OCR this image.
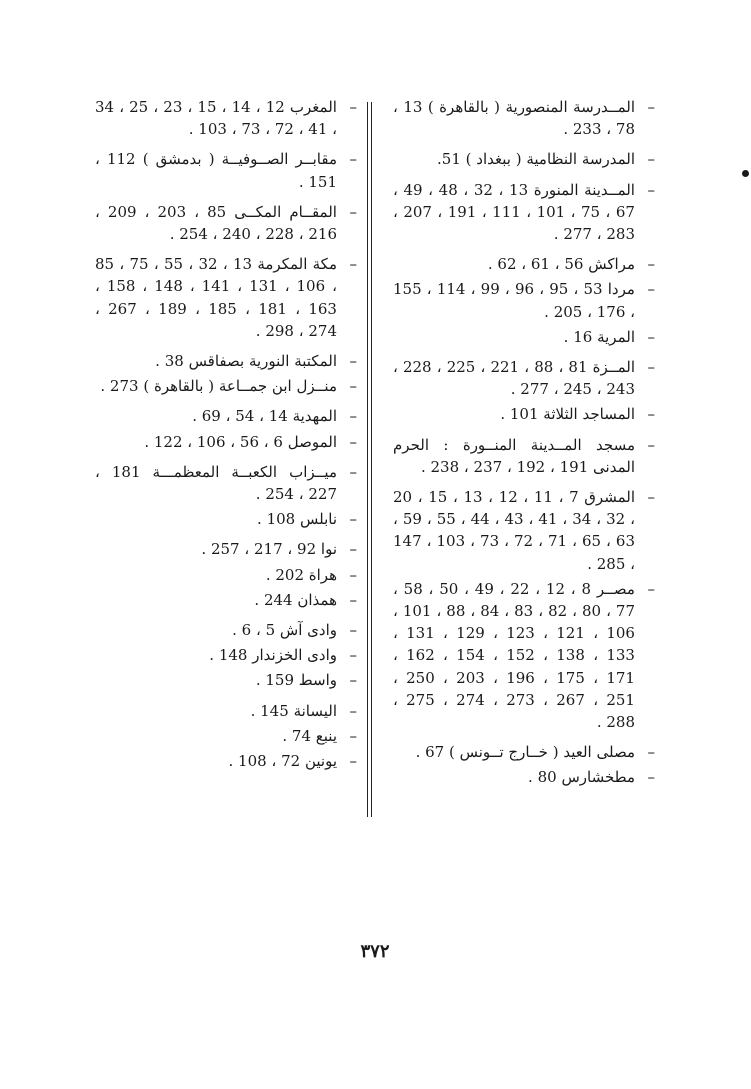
–
المــدرسة المنصورية ( بالقاهرة ) 13 ، 78 ، 233 .
–
المدرسة النظامية ( ببغداد ) 51.
–
المــدينة المنورة 13 ، 32 ، 48 ، 49 ، 67 ، 75 ، 101 ، 111 ، 191 ، 207 ، 283 ، 277 .
–
مراكش 56 ، 61 ، 62 .
–
مردا 53 ، 95 ، 96 ، 99 ، 114 ، 155 ، 176 ، 205 .
–
المرية 16 .
–
المــزة 81 ، 88 ، 221 ، 225 ، 228 ، 243 ، 245 ، 277 .
–
المساجد الثلاثة 101 .
–
مسجد المــدينة المنــورة : الحرم المدنى 191 ، 192 ، 237 ، 238 .
–
المشرق 7 ، 11 ، 12 ، 13 ، 15 ، 20 ، 32 ، 34 ، 41 ، 43 ، 44 ، 55 ، 59 ، 63 ، 65 ، 71 ، 72 ، 73 ، 103 ، 147 ، 285 .
–
مصــر 8 ، 12 ، 22 ، 49 ، 50 ، 58 ، 77 ، 80 ، 82 ، 83 ، 84 ، 88 ، 101 ، 106 ، 121 ، 123 ، 129 ، 131 ، 133 ، 138 ، 152 ، 154 ، 162 ، 171 ، 175 ، 196 ، 203 ، 250 ، 251 ، 267 ، 273 ، 274 ، 275 ، 288 .
–
مصلى العيد ( خــارج تــونس ) 67 .
–
مطخشارس 80 .
–
المغرب 12 ، 14 ، 15 ، 23 ، 25 ، 34 ، 41 ، 72 ، 73 ، 103 .
–
مقابــر الصــوفيــة ( بدمشق ) 112 ، 151 .
–
المقــام المكــى 85 ، 203 ، 209 ، 216 ، 228 ، 240 ، 254 .
–
مكة المكرمة 13 ، 32 ، 55 ، 75 ، 85 ، 106 ، 131 ، 141 ، 148 ، 158 ، 163 ، 181 ، 185 ، 189 ، 267 ، 274 ، 298 .
–
المكتبة النورية بصفاقس 38 .
–
منــزل ابن جمــاعة ( بالقاهرة ) 273 .
–
المهدية 14 ، 54 ، 69 .
–
الموصل 6 ، 56 ، 106 ، 122 .
–
ميــزاب الكعبــة المعظمـــة 181 ، 227 ، 254 .
–
نابلس 108 .
–
نوا 92 ، 217 ، 257 .
–
هراة 202 .
–
همذان 244 .
–
وادى آش 5 ، 6 .
–
وادى الخزندار 148 .
–
واسط 159 .
–
اليسانة 145 .
–
ينبع 74 .
–
يونين 72 ، 108 .
٣٧٢
